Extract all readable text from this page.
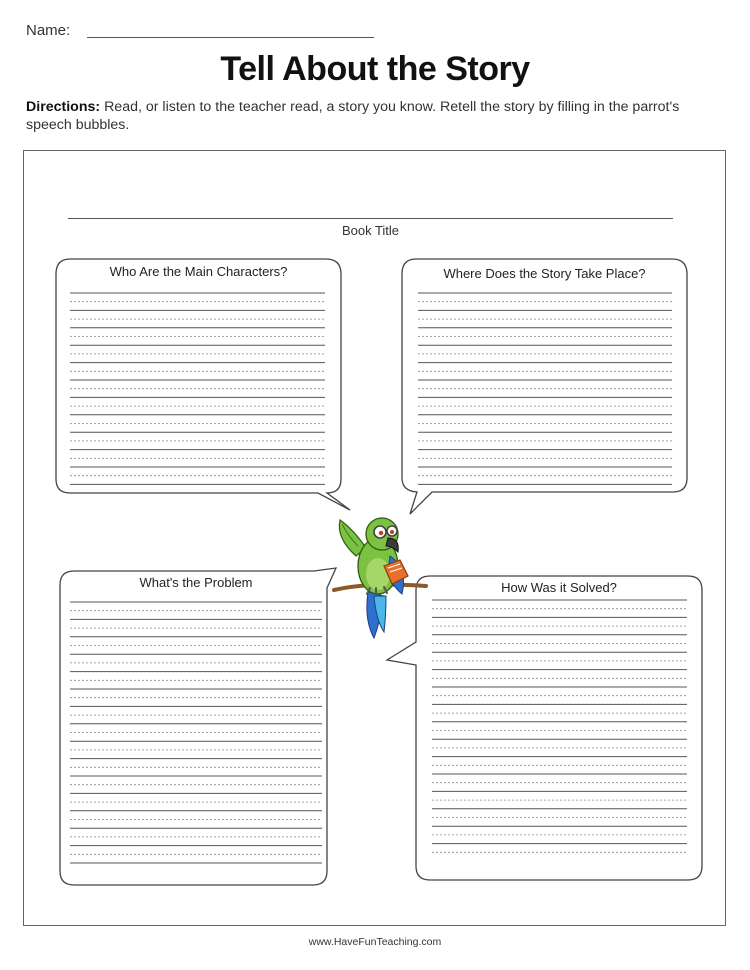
Name:
Tell About the Story
Directions: Read, or listen to the teacher read, a story you know. Retell the story by filling in the parrot's speech bubbles.
Book Title
Who Are the Main Characters?	Where Does the Story Take Place?
What's the Problem	How Was it Solved?
www.HaveFunTeaching.com
